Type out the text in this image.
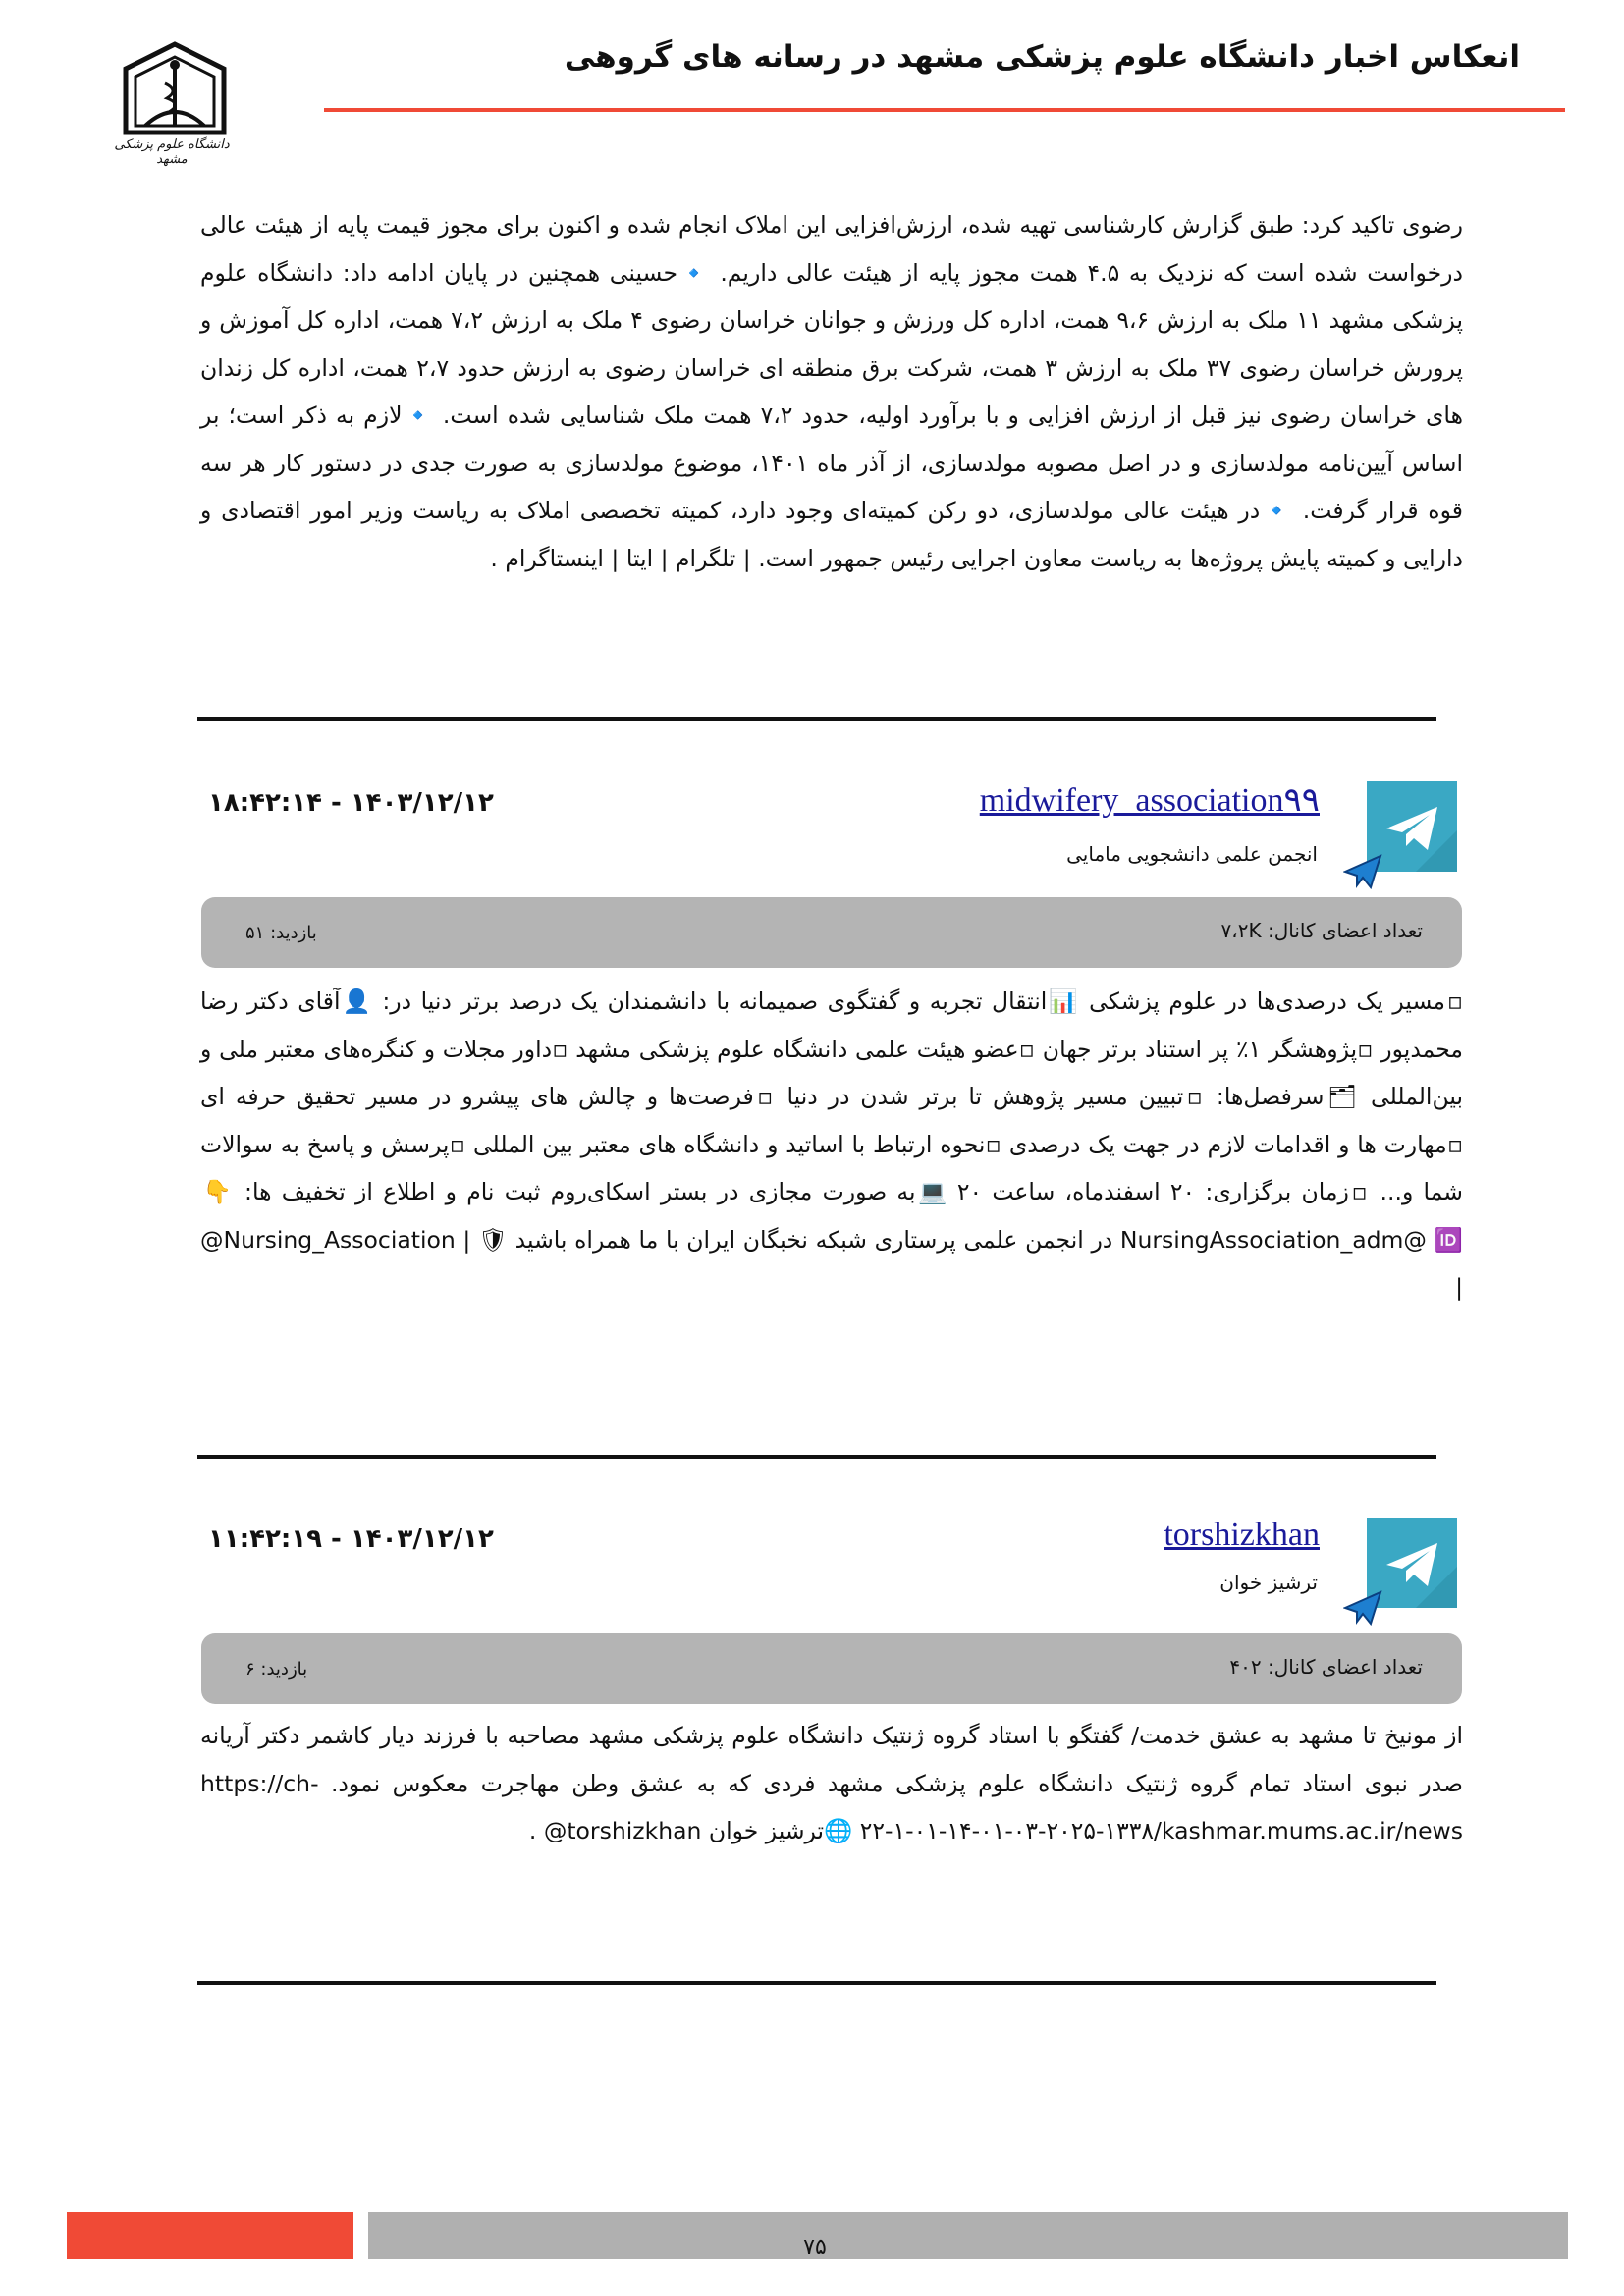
انعکاس اخبار دانشگاه علوم پزشکی مشهد در رسانه های گروهی
دانشگاه علوم پزشکی مشهد
رضوی تاکید کرد: طبق گزارش کارشناسی تهیه شده، ارزش‌افزایی این املاک انجام شده و اکنون برای مجوز قیمت پایه از هیئت عالی درخواست شده است که نزدیک به ۴.۵ همت مجوز پایه از هیئت عالی داریم. 🔹حسینی همچنین در پایان ادامه داد: دانشگاه علوم پزشکی مشهد ۱۱ ملک به ارزش ۹،۶ همت، اداره کل ورزش و جوانان خراسان رضوی ۴ ملک به ارزش ۷،۲ همت، اداره کل آموزش و پرورش خراسان رضوی ۳۷ ملک به ارزش ۳ همت، شرکت برق منطقه ای خراسان رضوی به ارزش حدود ۲،۷ همت، اداره کل زندان های خراسان رضوی نیز قبل از ارزش افزایی و با برآورد اولیه، حدود ۷،۲ همت ملک شناسایی شده است. 🔹لازم به ذکر است؛ بر اساس آیین‌نامه مولدسازی و در اصل مصوبه مولدسازی، از آذر ماه ۱۴۰۱، موضوع مولدسازی به صورت جدی در دستور کار هر سه قوه قرار گرفت. 🔹در هیئت عالی مولدسازی، دو رکن کمیته‌ای وجود دارد، کمیته تخصصی املاک به ریاست وزیر امور اقتصادی و دارایی و کمیته پایش پروژه‌ها به ریاست معاون اجرایی رئیس جمهور است. | تلگرام | ایتا | اینستاگرام .
midwifery_association۹۹
انجمن علمی دانشجویی مامایی
۱۸:۴۲:۱۴ - ۱۴۰۳/۱۲/۱۲
تعداد اعضای کانال: ۷،۲K
بازدید: ۵۱
▫مسیر یک درصدی‌ها در علوم پزشکی 📊انتقال تجربه و گفتگوی صمیمانه با دانشمندان یک درصد برتر دنیا در: 👤آقای دکتر رضا محمدپور ▫پژوهشگر ۱٪ پر استناد برتر جهان ▫عضو هیئت علمی دانشگاه علوم پزشکی مشهد ▫داور مجلات و کنگره‌های معتبر ملی و بین‌المللی 🗂سرفصل‌ها: ▫تبیین مسیر پژوهش تا برتر شدن در دنیا ▫فرصت‌ها و چالش های پیشرو در مسیر تحقیق حرفه ای ▫مهارت ها و اقدامات لازم در جهت یک درصدی ▫نحوه ارتباط با اساتید و دانشگاه های معتبر بین المللی ▫پرسش و پاسخ به سوالات شما و... ▫زمان برگزاری: ۲۰ اسفندماه، ساعت ۲۰ 💻به صورت مجازی در بستر اسکای‌روم ثبت نام و اطلاع از تخفیف ها: 👇 NursingAssociation_adm@ 🆔 در انجمن علمی پرستاری شبکه نخبگان ایران با ما همراه باشید 🛡 | Nursing_Association@ |
torshizkhan
ترشیز خوان
۱۱:۴۲:۱۹ - ۱۴۰۳/۱۲/۱۲
تعداد اعضای کانال: ۴۰۲
بازدید: ۶
از مونیخ تا مشهد به عشق خدمت/ گفتگو با استاد گروه ژنتیک دانشگاه علوم پزشکی مشهد مصاحبه با فرزند دیار کاشمر دکتر آریانه صدر نبوی استاد تمام گروه ژنتیک دانشگاه علوم پزشکی مشهد فردی که به عشق وطن مهاجرت معکوس نمود. -https://ch ۲۲-۱-۰۱-۱۴-۰۱-۰۳-۲۰۲۵-۱۳۳۸/kashmar.mums.ac.ir/news 🌐ترشیز خوان torshizkhan@ .
۷۵
